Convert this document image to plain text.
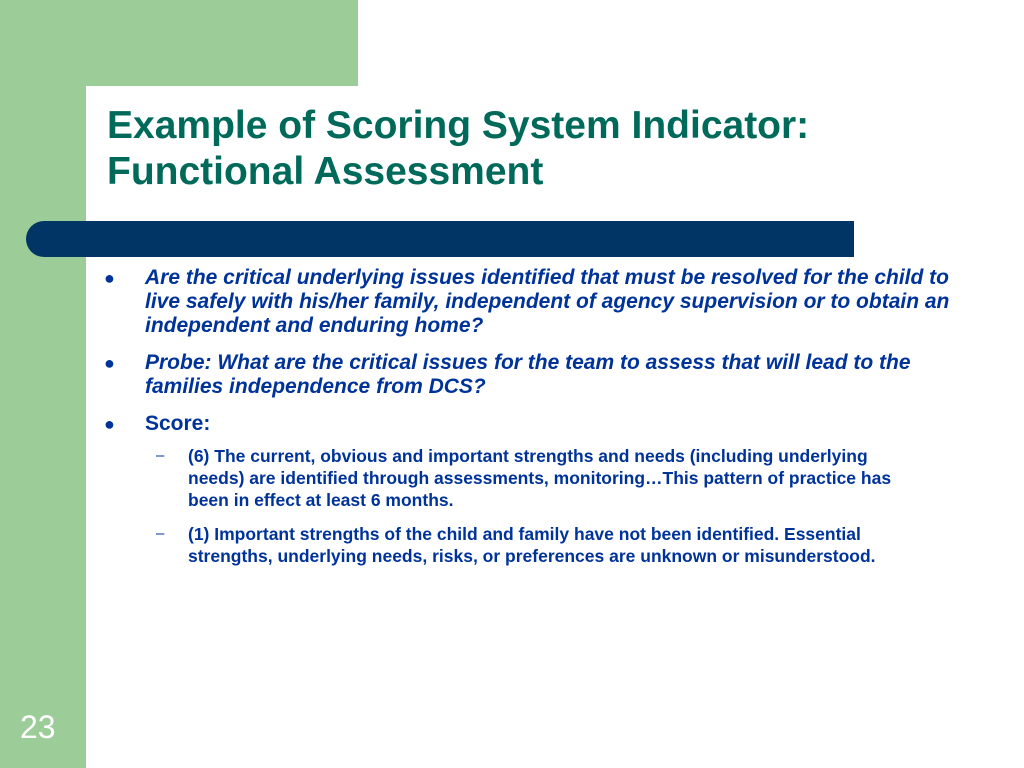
Example of Scoring System Indicator:
Functional Assessment
● Are the critical underlying issues identified that must be resolved for the child to live safely with his/her family, independent of agency supervision or to obtain an independent and enduring home?
● Probe: What are the critical issues for the team to assess that will lead to the families independence from DCS?
● Score:
– (6) The current, obvious and important strengths and needs (including underlying needs) are identified through assessments, monitoring…This pattern of practice has been in effect at least 6 months.
– (1) Important strengths of the child and family have not been identified. Essential strengths, underlying needs, risks, or preferences are unknown or misunderstood.
23
